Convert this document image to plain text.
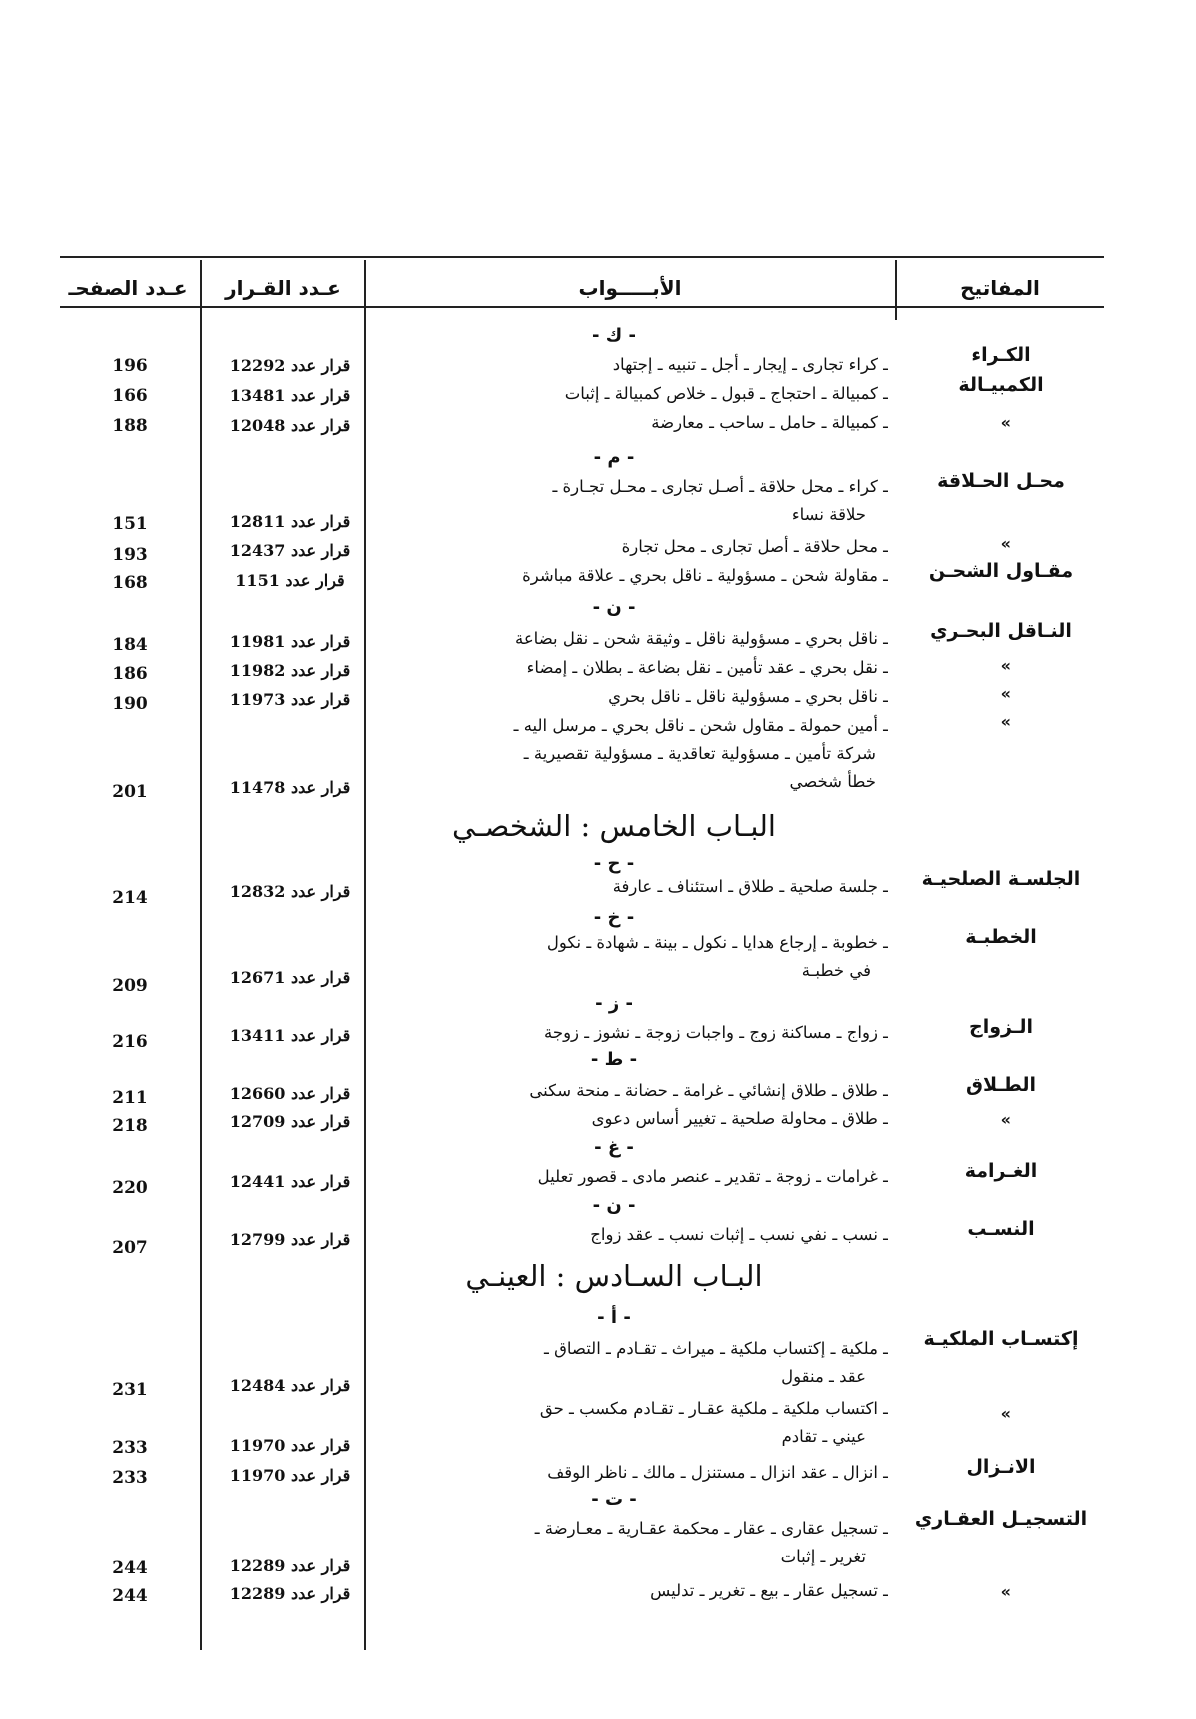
المفاتيح
الأبـــــواب
عـدد القـرار
عـدد الصفحـ
- ك -
الكـراء
ـ كراء تجارى ـ إيجار ـ أجل ـ تنبيه ـ إجتهاد
قرار عدد 12292
196
الكمبيـالة
ـ كمبيالة ـ احتجاج ـ قبول ـ خلاص كمبيالة ـ إثبات
قرار عدد 13481
166
»
ـ كمبيالة ـ حامل ـ ساحب ـ معارضة
قرار عدد 12048
188
- م -
محـل الحـلاقة
ـ كراء ـ محل حلاقة ـ أصـل تجارى ـ محـل تجـارة ـ
حلاقة نساء
قرار عدد 12811
151
»
ـ محل حلاقة ـ أصل تجارى ـ محل تجارة
قرار عدد 12437
193
مقـاول الشحـن
ـ مقاولة شحن ـ مسؤولية ـ ناقل بحري ـ علاقة مباشرة
قرار عدد 1151
168
- ن -
النـاقل البحـري
ـ ناقل بحري ـ مسؤولية ناقل ـ وثيقة شحن ـ نقل بضاعة
قرار عدد 11981
184
»
ـ نقل بحري ـ عقد تأمين ـ نقل بضاعة ـ بطلان ـ إمضاء
قرار عدد 11982
186
»
ـ ناقل بحري ـ مسؤولية ناقل ـ ناقل بحري
قرار عدد 11973
190
»
ـ أمين حمولة ـ مقاول شحن ـ ناقل بحري ـ مرسل اليه ـ
شركة تأمين ـ مسؤولية تعاقدية ـ مسؤولية تقصيرية ـ
خطأ شخصي
قرار عدد 11478
201
البـاب الخامس : الشخصـي
- ح -
الجلسـة الصلحيـة
ـ جلسة صلحية ـ طلاق ـ استئناف ـ عارفة
قرار عدد 12832
214
- خ -
الخطبـة
ـ خطوبة ـ إرجاع هدايا ـ نكول ـ بينة ـ شهادة ـ نكول
في خطبـة
قرار عدد 12671
209
- ز -
الـزواج
ـ زواج ـ مساكنة زوج ـ واجبات زوجة ـ نشوز ـ زوجة
قرار عدد 13411
216
- ط -
الطـلاق
ـ طلاق ـ طلاق إنشائي ـ غرامة ـ حضانة ـ منحة سكنى
قرار عدد 12660
211
»
ـ طلاق ـ محاولة صلحية ـ تغيير أساس دعوى
قرار عدد 12709
218
- غ -
الغـرامة
ـ غرامات ـ زوجة ـ تقدير ـ عنصر مادى ـ قصور تعليل
قرار عدد 12441
220
- ن -
النسـب
ـ نسب ـ نفي نسب ـ إثبات نسب ـ عقد زواج
قرار عدد 12799
207
البـاب السـادس : العينـي
- أ -
إكتسـاب الملكيـة
ـ ملكية ـ إكتساب ملكية ـ ميراث ـ تقـادم ـ التصاق ـ
عقد ـ منقول
قرار عدد 12484
231
»
ـ اكتساب ملكية ـ ملكية عقـار ـ تقـادم مكسب ـ حق
عيني ـ تقادم
قرار عدد 11970
233
الانـزال
ـ انزال ـ عقد انزال ـ مستنزل ـ مالك ـ ناظر الوقف
قرار عدد 11970
233
- ت -
التسجيـل العقـاري
ـ تسجيل عقارى ـ عقار ـ محكمة عقـارية ـ معـارضة ـ
تغرير ـ إثبات
قرار عدد 12289
244
»
ـ تسجيل عقار ـ بيع ـ تغرير ـ تدليس
قرار عدد 12289
244
